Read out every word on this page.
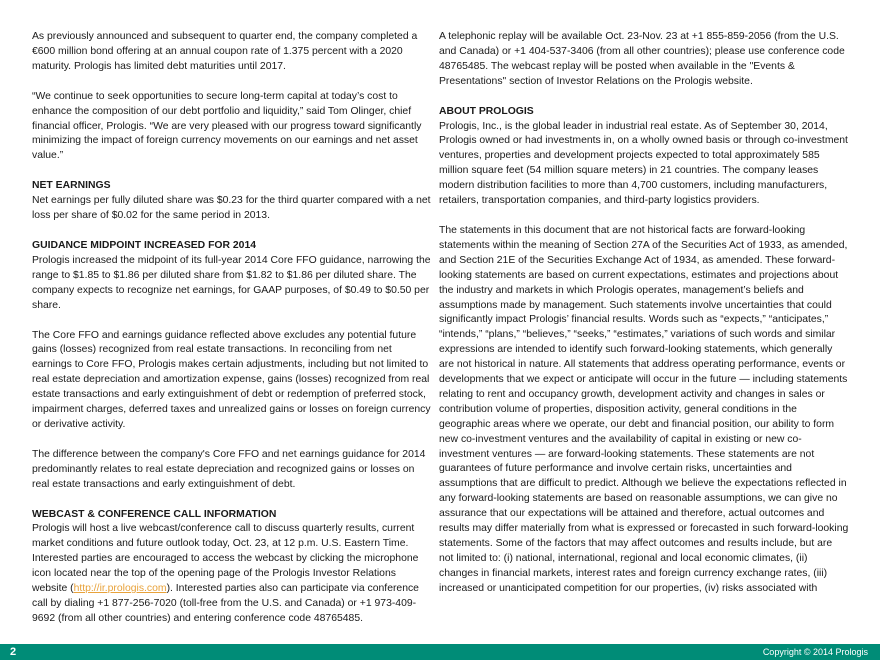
As previously announced and subsequent to quarter end, the company completed a €600 million bond offering at an annual coupon rate of 1.375 percent with a 2020 maturity. Prologis has limited debt maturities until 2017.

“We continue to seek opportunities to secure long-term capital at today’s cost to enhance the composition of our debt portfolio and liquidity,” said Tom Olinger, chief financial officer, Prologis. “We are very pleased with our progress toward significantly minimizing the impact of foreign currency movements on our earnings and net asset value.”

NET EARNINGS

Net earnings per fully diluted share was $0.23 for the third quarter compared with a net loss per share of $0.02 for the same period in 2013.

GUIDANCE MIDPOINT INCREASED FOR 2014

Prologis increased the midpoint of its full-year 2014 Core FFO guidance, narrowing the range to $1.85 to $1.86 per diluted share from $1.82 to $1.86 per diluted share. The company expects to recognize net earnings, for GAAP purposes, of $0.49 to $0.50 per share.

The Core FFO and earnings guidance reflected above excludes any potential future gains (losses) recognized from real estate transactions. In reconciling from net earnings to Core FFO, Prologis makes certain adjustments, including but not limited to real estate depreciation and amortization expense, gains (losses) recognized from real estate transactions and early extinguishment of debt or redemption of preferred stock, impairment charges, deferred taxes and unrealized gains or losses on foreign currency or derivative activity.

The difference between the company's Core FFO and net earnings guidance for 2014 predominantly relates to real estate depreciation and recognized gains or losses on real estate transactions and early extinguishment of debt.

WEBCAST & CONFERENCE CALL INFORMATION

Prologis will host a live webcast/conference call to discuss quarterly results, current market conditions and future outlook today, Oct. 23, at 12 p.m. U.S. Eastern Time. Interested parties are encouraged to access the webcast by clicking the microphone icon located near the top of the opening page of the Prologis Investor Relations website (http://ir.prologis.com). Interested parties also can participate via conference call by dialing +1 877-256-7020 (toll-free from the U.S. and Canada) or +1 973-409-9692 (from all other countries) and entering conference code 48765485.

A telephonic replay will be available Oct. 23-Nov. 23 at +1 855-859-2056 (from the U.S. and Canada) or +1 404-537-3406 (from all other countries); please use conference code 48765485. The webcast replay will be posted when available in the "Events & Presentations" section of Investor Relations on the Prologis website.

ABOUT PROLOGIS

Prologis, Inc., is the global leader in industrial real estate. As of September 30, 2014, Prologis owned or had investments in, on a wholly owned basis or through co-investment ventures, properties and development projects expected to total approximately 585 million square feet (54 million square meters) in 21 countries. The company leases modern distribution facilities to more than 4,700 customers, including manufacturers, retailers, transportation companies, and third-party logistics providers.

The statements in this document that are not historical facts are forward-looking statements within the meaning of Section 27A of the Securities Act of 1933, as amended, and Section 21E of the Securities Exchange Act of 1934, as amended. These forward-looking statements are based on current expectations, estimates and projections about the industry and markets in which Prologis operates, management’s beliefs and assumptions made by management. Such statements involve uncertainties that could significantly impact Prologis’ financial results. Words such as “expects,” “anticipates,” “intends,” “plans,” “believes,” “seeks,” “estimates,” variations of such words and similar expressions are intended to identify such forward-looking statements, which generally are not historical in nature. All statements that address operating performance, events or developments that we expect or anticipate will occur in the future — including statements relating to rent and occupancy growth, development activity and changes in sales or contribution volume of properties, disposition activity, general conditions in the geographic areas where we operate, our debt and financial position, our ability to form new co-investment ventures and the availability of capital in existing or new co-investment ventures — are forward-looking statements. These statements are not guarantees of future performance and involve certain risks, uncertainties and assumptions that are difficult to predict. Although we believe the expectations reflected in any forward-looking statements are based on reasonable assumptions, we can give no assurance that our expectations will be attained and therefore, actual outcomes and results may differ materially from what is expressed or forecasted in such forward-looking statements. Some of the factors that may affect outcomes and results include, but are not limited to: (i) national, international, regional and local economic climates, (ii) changes in financial markets, interest rates and foreign currency exchange rates, (iii) increased or unanticipated competition for our properties, (iv) risks associated with

2	Copyright © 2014 Prologis
